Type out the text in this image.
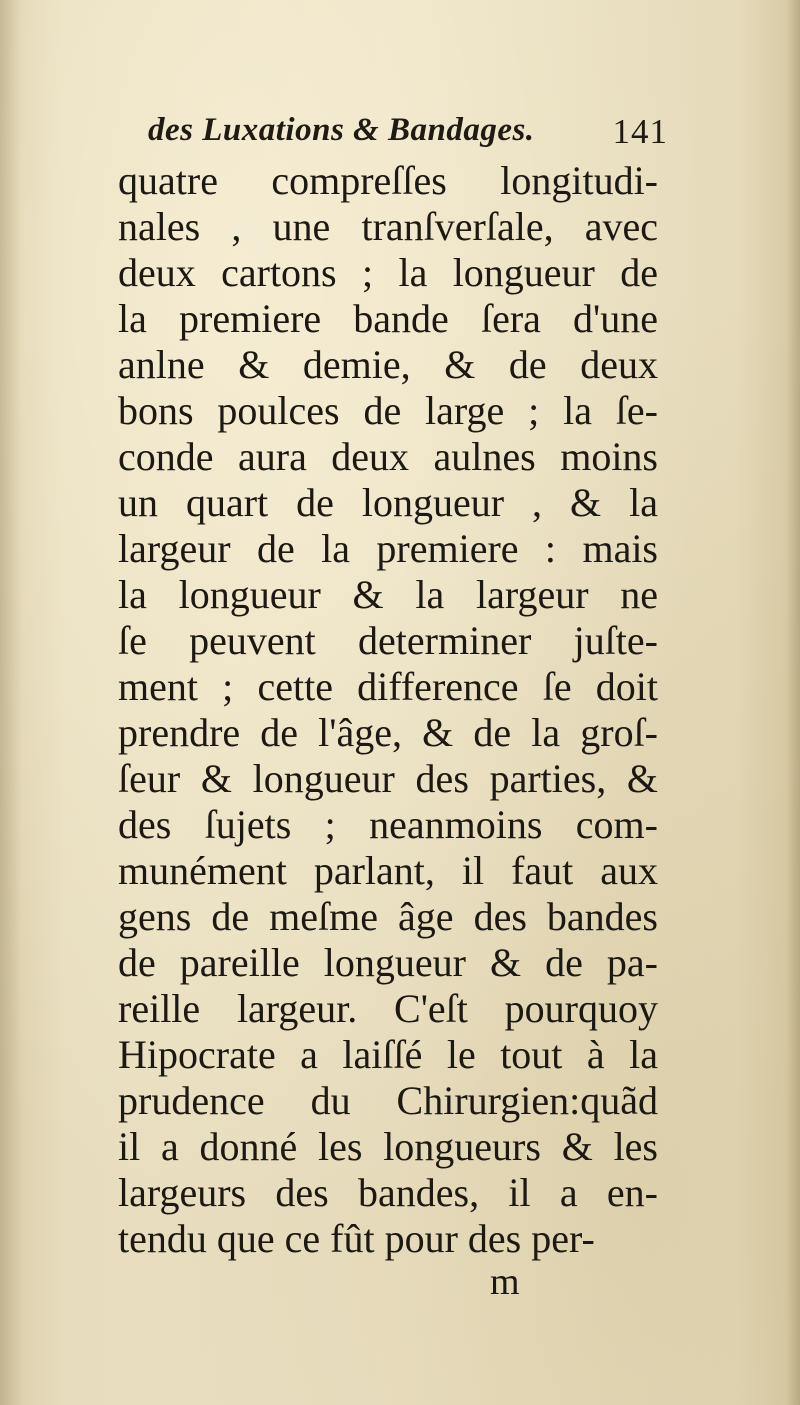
des Luxations & Bandages. 141
quatre compreſſes longitudi-
nales , une tranſverſale, avec
deux cartons ; la longueur de
la premiere bande ſera d'une
anlne & demie, & de deux
bons poulces de large ; la ſe-
conde aura deux aulnes moins
un quart de longueur , & la
largeur de la premiere : mais
la longueur & la largeur ne
ſe peuvent determiner juſte-
ment ; cette difference ſe doit
prendre de l'âge, & de la groſ-
ſeur & longueur des parties, &
des ſujets ; neanmoins com-
munément parlant, il faut aux
gens de meſme âge des bandes
de pareille longueur & de pa-
reille largeur. C'eſt pourquoy
Hipocrate a laiſſé le tout à la
prudence du Chirurgien:quãd
il a donné les longueurs & les
largeurs des bandes, il a en-
tendu que ce fût pour des per-
m
